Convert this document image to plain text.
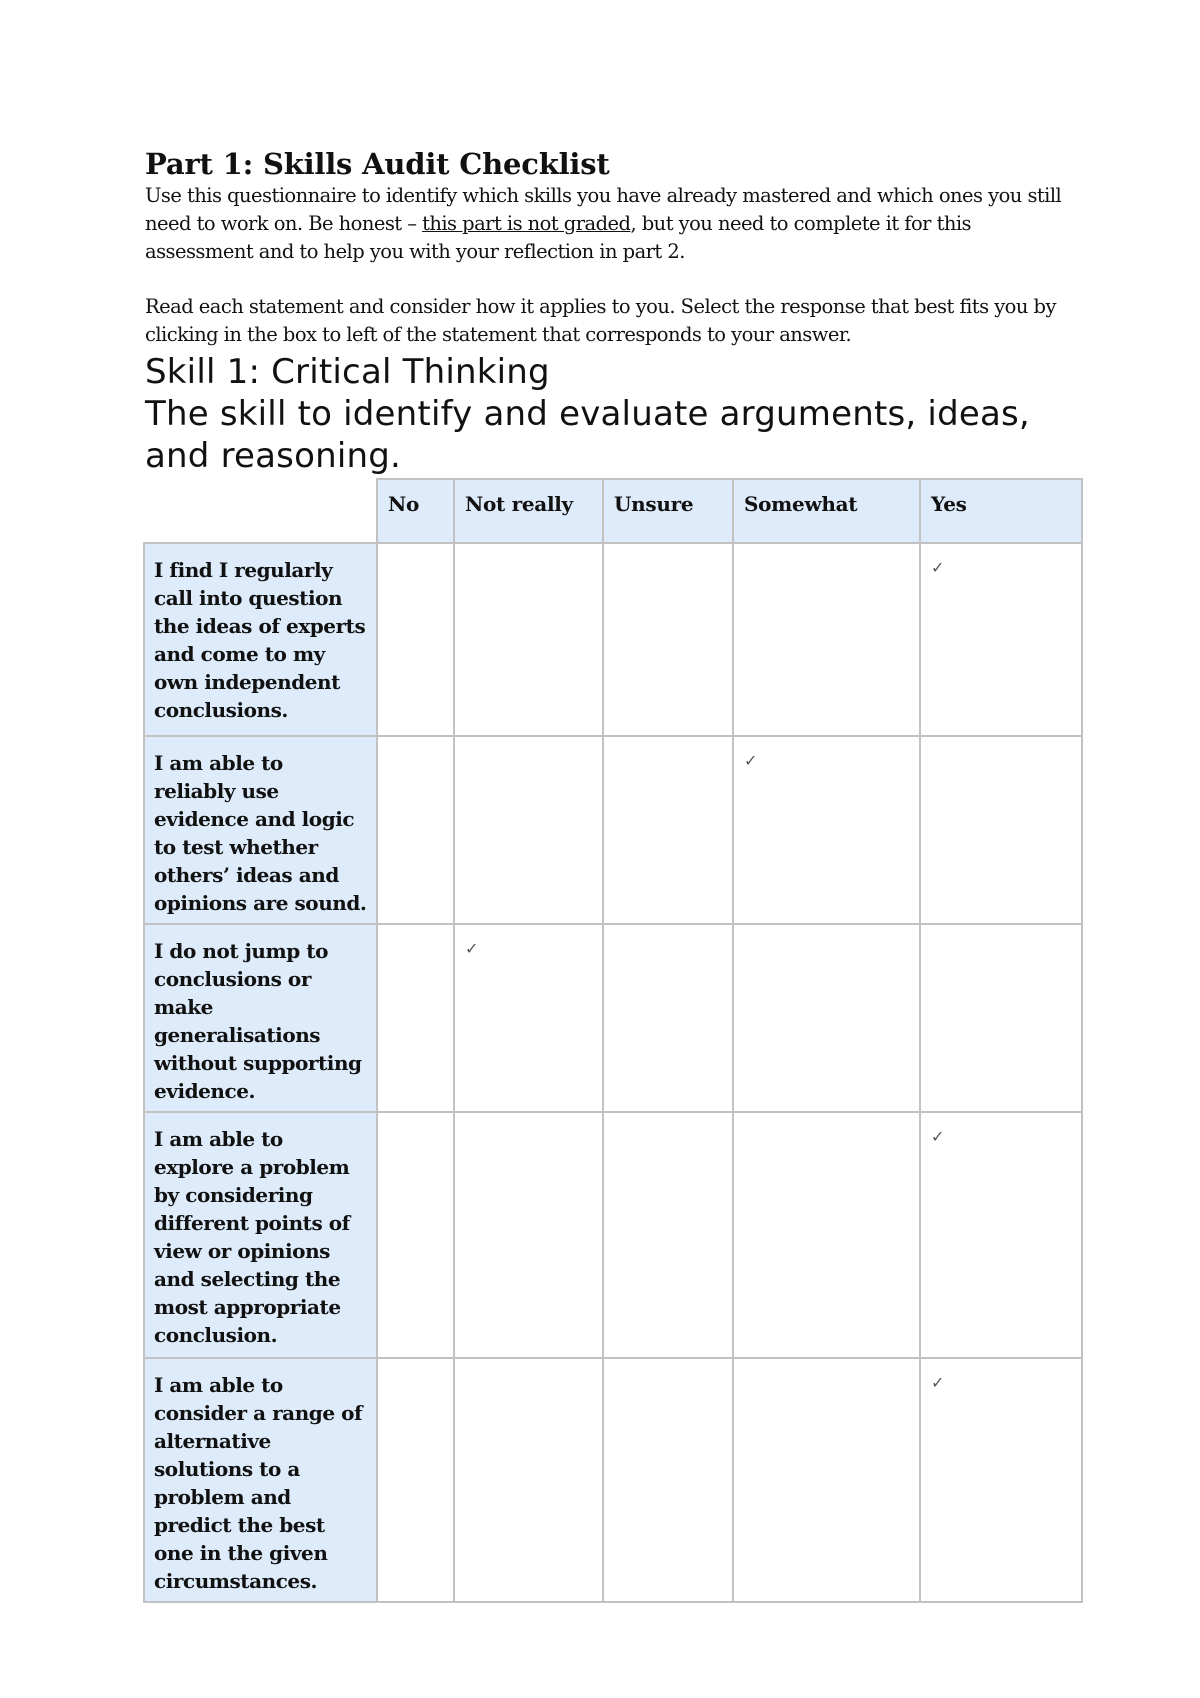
Part 1: Skills Audit Checklist

Use this questionnaire to identify which skills you have already mastered and which ones you still need to work on. Be honest – this part is not graded, but you need to complete it for this assessment and to help you with your reflection in part 2.

Read each statement and consider how it applies to you. Select the response that best fits you by clicking in the box to left of the statement that corresponds to your answer.

Skill 1: Critical Thinking

The skill to identify and evaluate arguments, ideas, and reasoning.

	No	Not really	Unsure	Somewhat	Yes
I find I regularly call into question the ideas of experts and come to my own independent conclusions.					✓
I am able to reliably use evidence and logic to test whether others’ ideas and opinions are sound.				✓	
I do not jump to conclusions or make generalisations without supporting evidence.		✓			
I am able to explore a problem by considering different points of view or opinions and selecting the most appropriate conclusion.					✓
I am able to consider a range of alternative solutions to a problem and predict the best one in the given circumstances.					✓
